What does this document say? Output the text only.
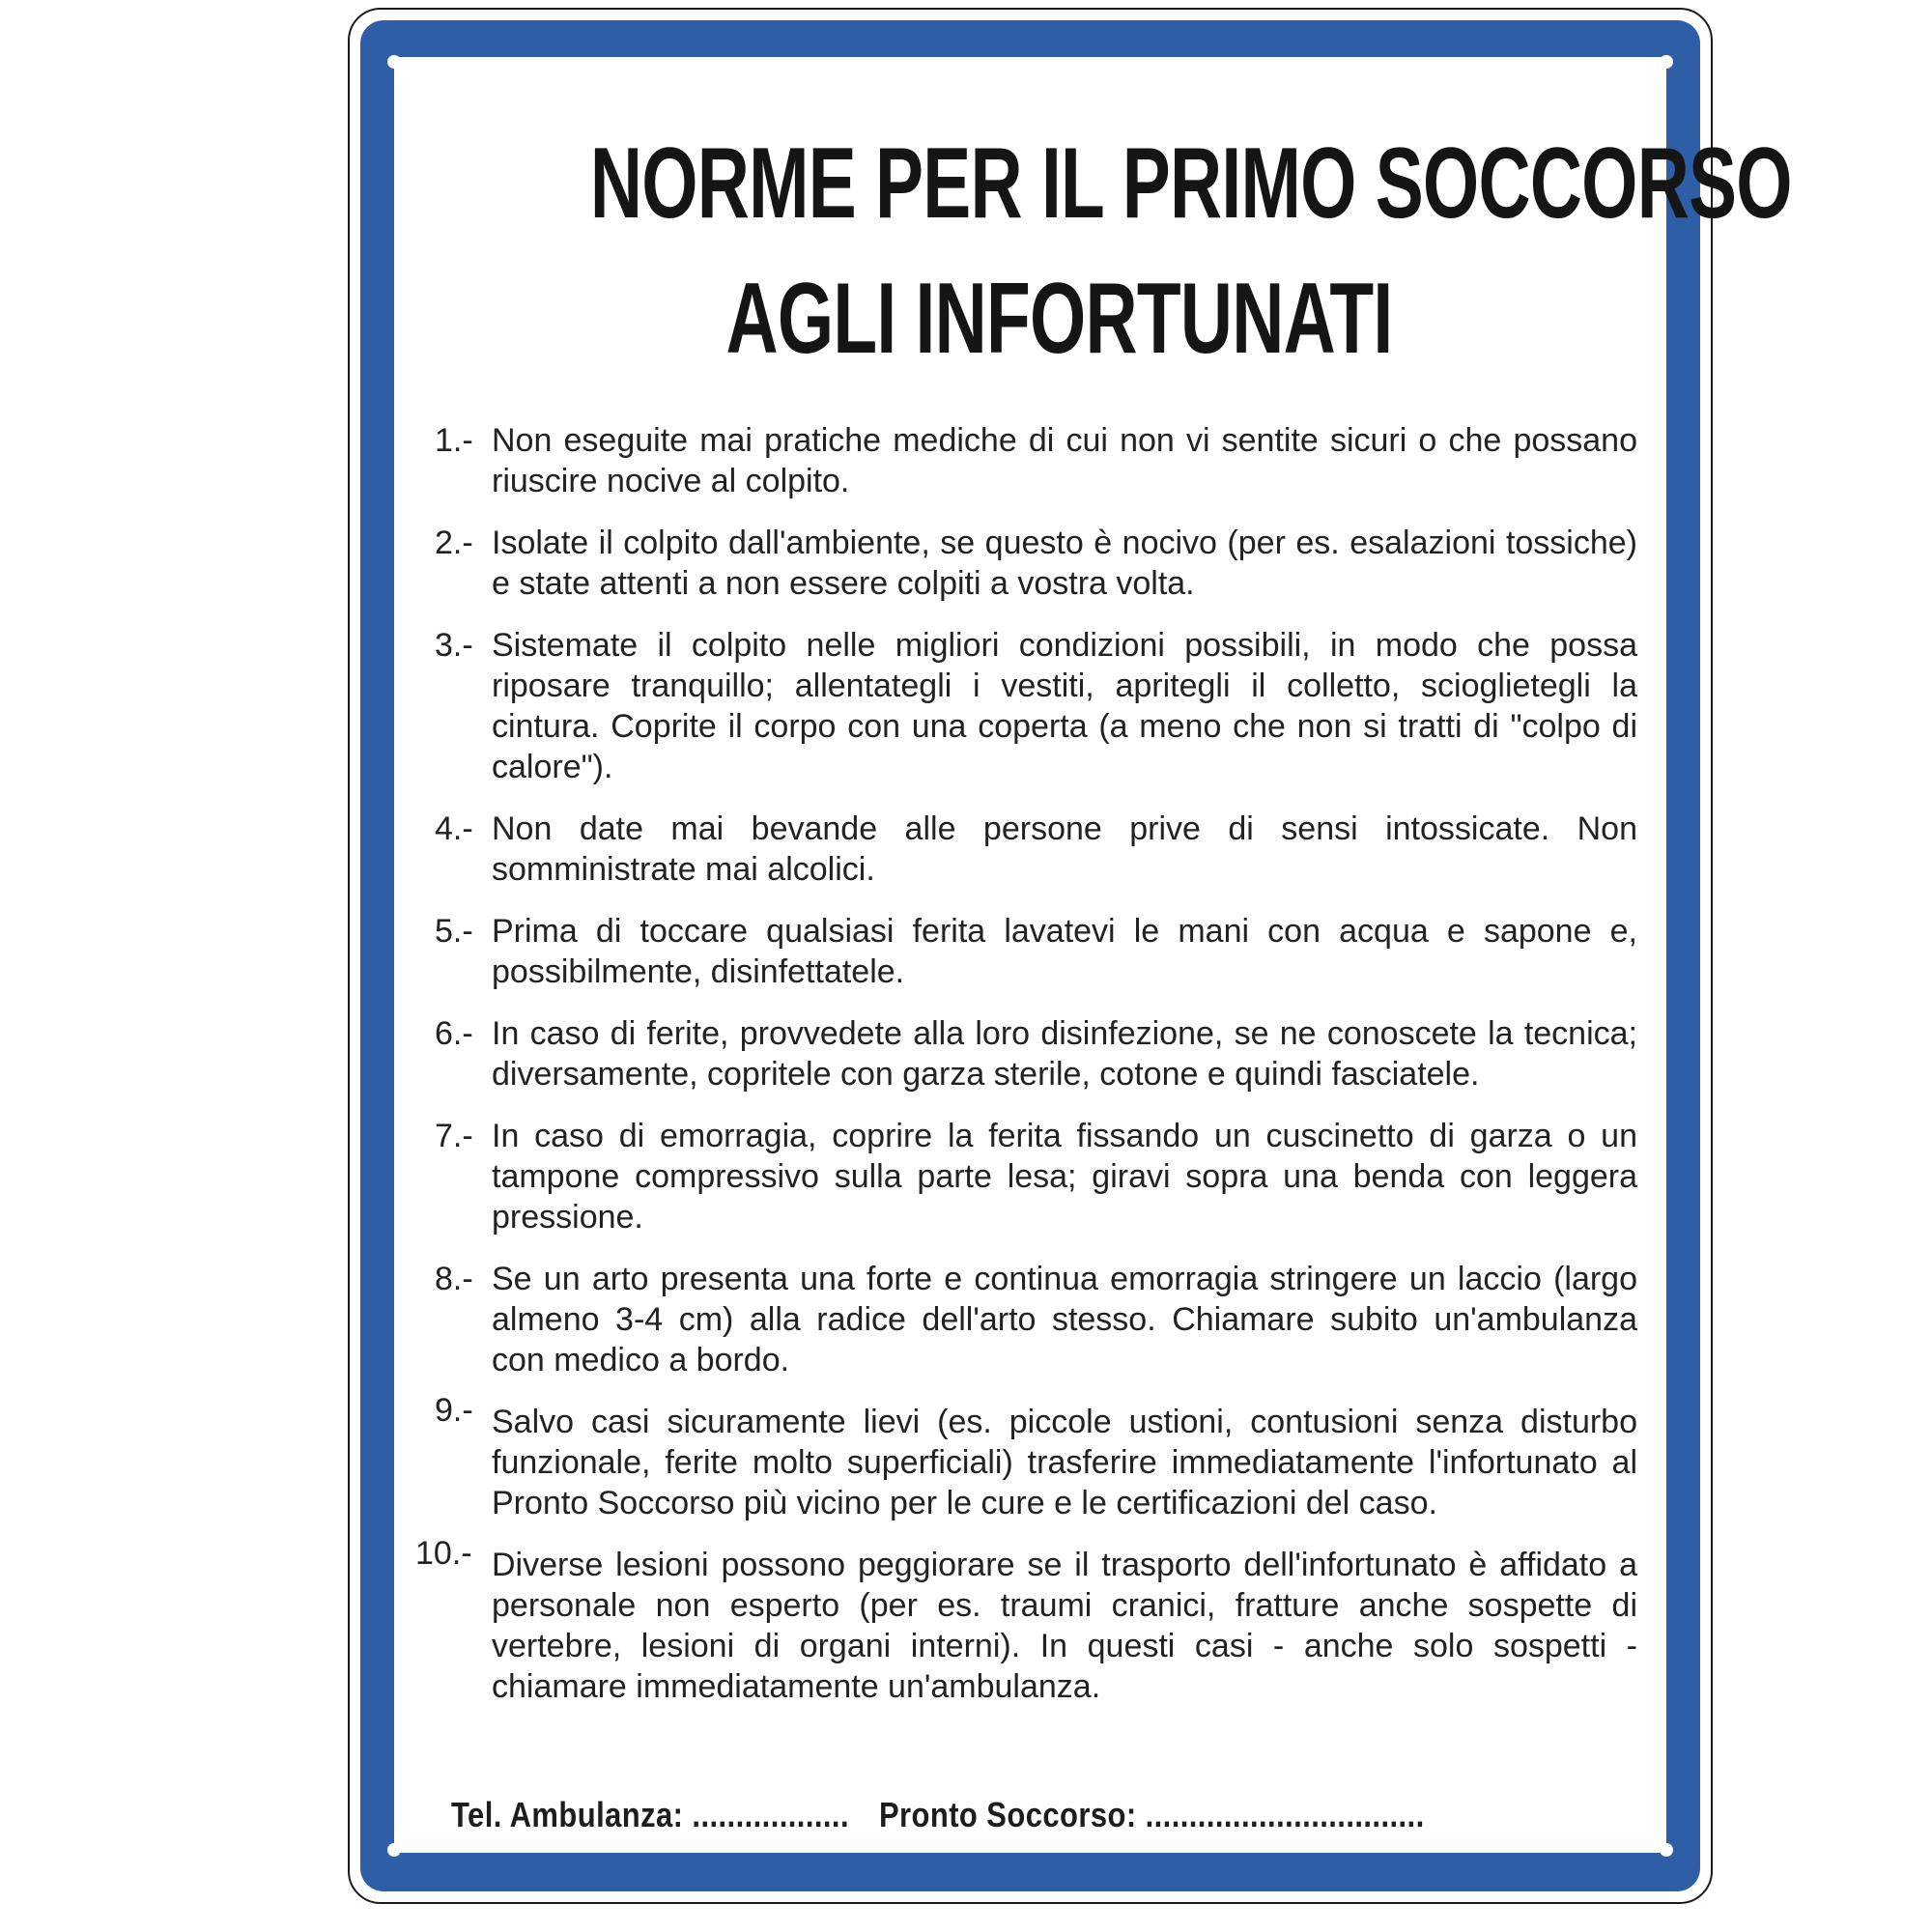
NORME PER IL PRIMO SOCCORSO
AGLI INFORTUNATI
1.- Non eseguite mai pratiche mediche di cui non vi sentite sicuri o che possano riuscire nocive al colpito.
2.- Isolate il colpito dall'ambiente, se questo è nocivo (per es. esalazioni tossiche) e state attenti a non essere colpiti a vostra volta.
3.- Sistemate il colpito nelle migliori condizioni possibili, in modo che possa riposare tranquillo; allentategli i vestiti, apritegli il colletto, scioglietegli la cintura. Coprite il corpo con una coperta (a meno che non si tratti di "colpo di calore").
4.- Non date mai bevande alle persone prive di sensi intossicate. Non somministrate mai alcolici.
5.- Prima di toccare qualsiasi ferita lavatevi le mani con acqua e sapone e, possibilmente, disinfettatele.
6.- In caso di ferite, provvedete alla loro disinfezione, se ne conoscete la tecnica; diversamente, copritele con garza sterile, cotone e quindi fasciatele.
7.- In caso di emorragia, coprire la ferita fissando un cuscinetto di garza o un tampone compressivo sulla parte lesa; giravi sopra una benda con leggera pressione.
8.- Se un arto presenta una forte e continua emorragia stringere un laccio (largo almeno 3-4 cm) alla radice dell'arto stesso. Chiamare subito un'ambulanza con medico a bordo.
9.- Salvo casi sicuramente lievi (es. piccole ustioni, contusioni senza disturbo funzionale, ferite molto superficiali) trasferire immediatamente l'infortunato al Pronto Soccorso più vicino per le cure e le certificazioni del caso.
10.- Diverse lesioni possono peggiorare se il trasporto dell'infortunato è affidato a personale non esperto (per es. traumi cranici, fratture anche sospette di vertebre, lesioni di organi interni). In questi casi - anche solo sospetti - chiamare immediatamente un'ambulanza.
Tel. Ambulanza: .................. Pronto Soccorso: ................................
